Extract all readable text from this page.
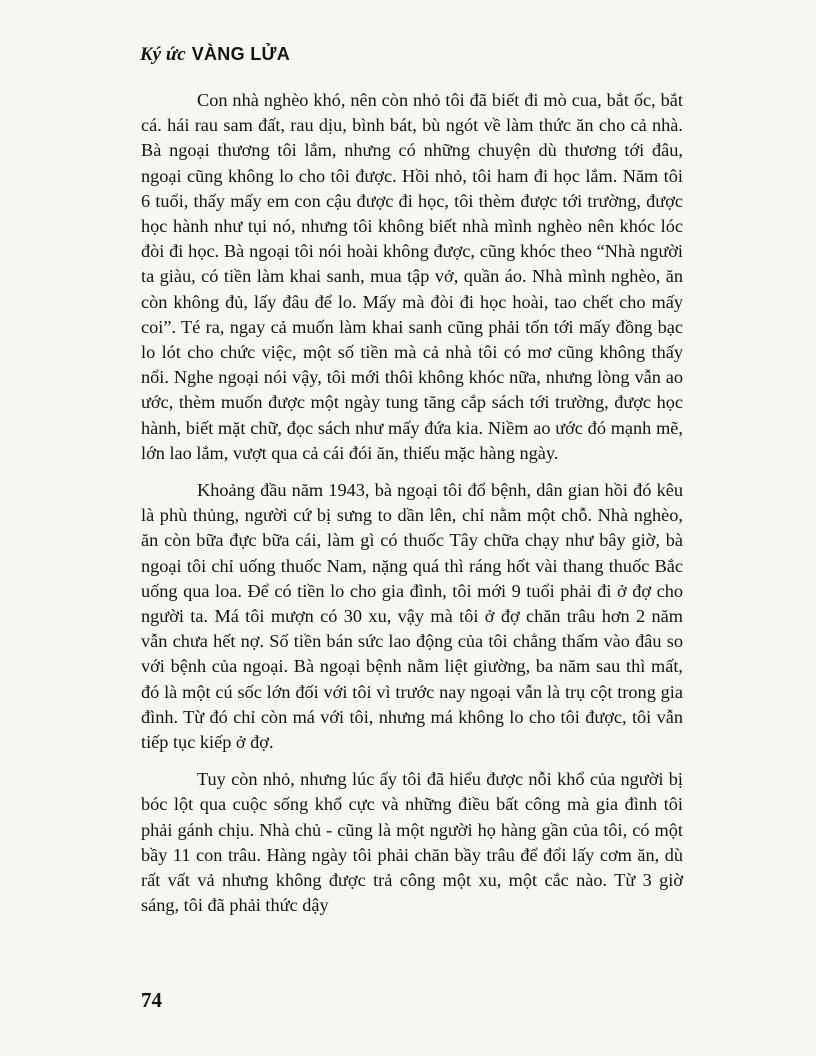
Ký ức VÀNG LỬA

Con nhà nghèo khó, nên còn nhỏ tôi đã biết đi mò cua, bắt ốc, bắt cá. hái rau sam đất, rau dịu, bình bát, bù ngót về làm thức ăn cho cả nhà. Bà ngoại thương tôi lắm, nhưng có những chuyện dù thương tới đâu, ngoại cũng không lo cho tôi được. Hồi nhỏ, tôi ham đi học lắm. Năm tôi 6 tuổi, thấy mấy em con cậu được đi học, tôi thèm được tới trường, được học hành như tụi nó, nhưng tôi không biết nhà mình nghèo nên khóc lóc đòi đi học. Bà ngoại tôi nói hoài không được, cũng khóc theo “Nhà người ta giàu, có tiền làm khai sanh, mua tập vở, quần áo. Nhà mình nghèo, ăn còn không đủ, lấy đâu để lo. Mấy mà đòi đi học hoài, tao chết cho mấy coi”. Té ra, ngay cả muốn làm khai sanh cũng phải tốn tới mấy đồng bạc lo lót cho chức việc, một số tiền mà cả nhà tôi có mơ cũng không thấy nổi. Nghe ngoại nói vậy, tôi mới thôi không khóc nữa, nhưng lòng vẫn ao ước, thèm muốn được một ngày tung tăng cắp sách tới trường, được học hành, biết mặt chữ, đọc sách như mấy đứa kia. Niềm ao ước đó mạnh mẽ, lớn lao lắm, vượt qua cả cái đói ăn, thiếu mặc hàng ngày.

Khoảng đầu năm 1943, bà ngoại tôi đổ bệnh, dân gian hồi đó kêu là phù thủng, người cứ bị sưng to dần lên, chỉ nằm một chỗ. Nhà nghèo, ăn còn bữa đực bữa cái, làm gì có thuốc Tây chữa chạy như bây giờ, bà ngoại tôi chỉ uống thuốc Nam, nặng quá thì ráng hốt vài thang thuốc Bắc uống qua loa. Để có tiền lo cho gia đình, tôi mới 9 tuổi phải đi ở đợ cho người ta. Má tôi mượn có 30 xu, vậy mà tôi ở đợ chăn trâu hơn 2 năm vẫn chưa hết nợ. Số tiền bán sức lao động của tôi chẳng thấm vào đâu so với bệnh của ngoại. Bà ngoại bệnh nằm liệt giường, ba năm sau thì mất, đó là một cú sốc lớn đối với tôi vì trước nay ngoại vẫn là trụ cột trong gia đình. Từ đó chỉ còn má với tôi, nhưng má không lo cho tôi được, tôi vẫn tiếp tục kiếp ở đợ.

Tuy còn nhỏ, nhưng lúc ấy tôi đã hiểu được nỗi khổ của người bị bóc lột qua cuộc sống khổ cực và những điều bất công mà gia đình tôi phải gánh chịu. Nhà chủ - cũng là một người họ hàng gần của tôi, có một bầy 11 con trâu. Hàng ngày tôi phải chăn bầy trâu để đổi lấy cơm ăn, dù rất vất vả nhưng không được trả công một xu, một cắc nào. Từ 3 giờ sáng, tôi đã phải thức dậy

74
